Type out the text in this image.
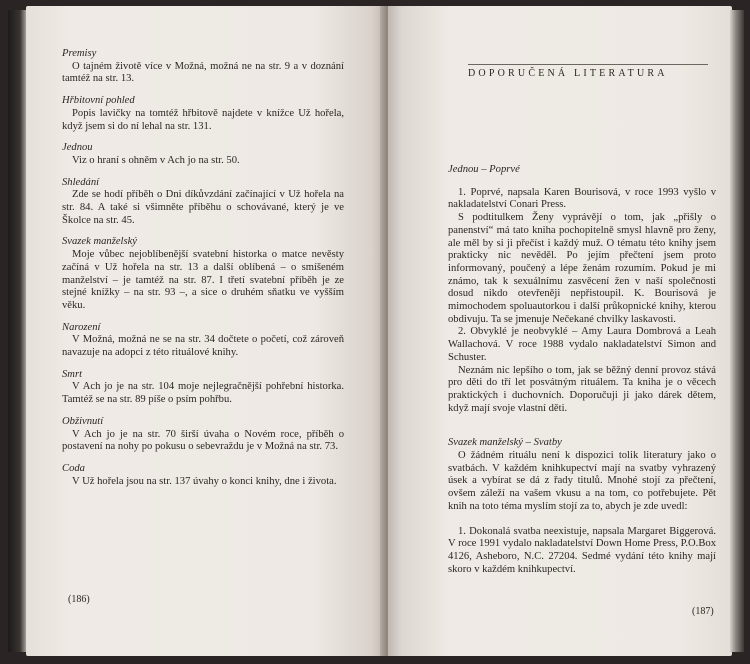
Premisy

O tajném životě více v Možná, možná ne na str. 9 a v doznání tamtéž na str. 13.

Hřbitovní pohled

Popis lavičky na tomtéž hřbitově najdete v knížce Už hořela, když jsem si do ní lehal na str. 131.

Jednou

Viz o hraní s ohněm v Ach jo na str. 50.

Shledání

Zde se hodí příběh o Dni díkůvzdání začínající v Už hořela na str. 84. A také si všimněte příběhu o schovávané, který je ve Školce na str. 45.

Svazek manželský

Moje vůbec nejoblíbenější svatební historka o matce nevěsty začíná v Už hořela na str. 13 a další oblíbená – o smíšeném manželství – je tamtéž na str. 87. I třetí svatební příběh je ze stejné knížky – na str. 93 –, a sice o druhém sňatku ve vyšším věku.

Narození

V Možná, možná ne se na str. 34 dočtete o početí, což zároveň navazuje na adopci z této rituálové knihy.

Smrt

V Ach jo je na str. 104 moje nejlegračnější pohřební historka. Tamtéž se na str. 89 píše o psím pohřbu.

Obživnutí

V Ach jo je na str. 70 širší úvaha o Novém roce, příběh o postavení na nohy po pokusu o sebevraždu je v Možná na str. 73.

Coda

V Už hořela jsou na str. 137 úvahy o konci knihy, dne i života.

(186)
DOPORUČENÁ LITERATURA

Jednou – Poprvé

1. Poprvé, napsala Karen Bourisová, v roce 1993 vyšlo v nakladatelství Conari Press.

S podtitulkem Ženy vyprávějí o tom, jak „přišly o panenství“ má tato kniha pochopitelně smysl hlavně pro ženy, ale měl by si ji přečíst i každý muž. O tématu této knihy jsem prakticky nic nevěděl. Po jejím přečtení jsem proto informovaný, poučený a lépe ženám rozumím. Pokud je mi známo, tak k sexuálnímu zasvěcení žen v naší společnosti dosud nikdo otevřeněji nepřistoupil. K. Bourisová je mimochodem spoluautorkou i další průkopnické knihy, kterou obdivuju. Ta se jmenuje Nečekané chvilky laskavosti.

2. Obvyklé je neobvyklé – Amy Laura Dombrová a Leah Wallachová. V roce 1988 vydalo nakladatelství Simon and Schuster.

Neznám nic lepšího o tom, jak se běžný denní provoz stává pro děti do tří let posvátným rituálem. Ta kniha je o věcech praktických i duchovních. Doporučuji ji jako dárek dětem, když mají svoje vlastní děti.

Svazek manželský – Svatby

O žádném rituálu není k dispozici tolik literatury jako o svatbách. V každém knihkupectví mají na svatby vyhrazený úsek a vybírat se dá z řady titulů. Mnohé stojí za přečtení, ovšem záleží na vašem vkusu a na tom, co potřebujete. Pět knih na toto téma myslím stojí za to, abych je zde uvedl:

1. Dokonalá svatba neexistuje, napsala Margaret Biggerová. V roce 1991 vydalo nakladatelství Down Home Press, P.O.Box 4126, Asheboro, N.C. 27204. Sedmé vydání této knihy mají skoro v každém knihkupectví.

(187)
